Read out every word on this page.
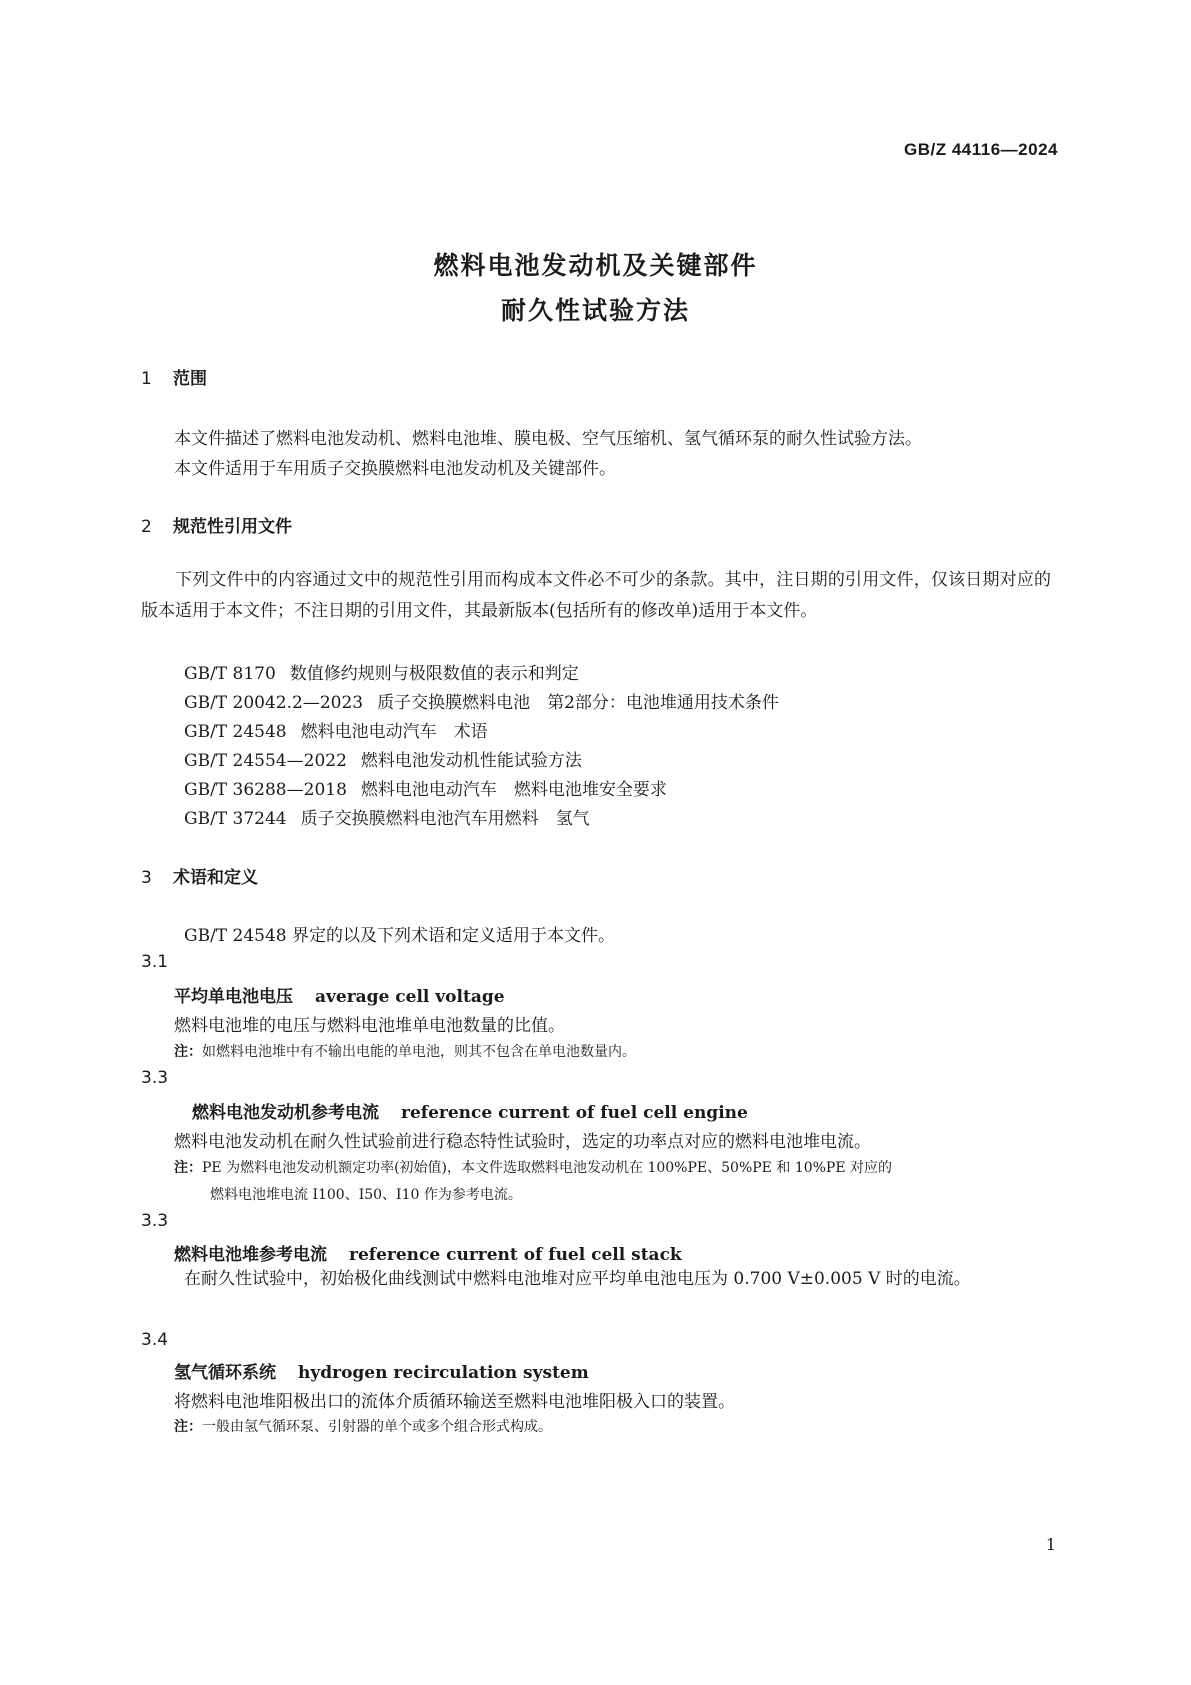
GB/Z 44116—2024
燃料电池发动机及关键部件
耐久性试验方法
1 范围
本文件描述了燃料电池发动机、燃料电池堆、膜电极、空气压缩机、氢气循环泵的耐久性试验方法。
本文件适用于车用质子交换膜燃料电池发动机及关键部件。
2 规范性引用文件
下列文件中的内容通过文中的规范性引用而构成本文件必不可少的条款。其中，注日期的引用文件，仅该日期对应的版本适用于本文件；不注日期的引用文件，其最新版本(包括所有的修改单)适用于本文件。
GB/T 8170 数值修约规则与极限数值的表示和判定
GB/T 20042.2—2023 质子交换膜燃料电池　第2部分：电池堆通用技术条件
GB/T 24548 燃料电池电动汽车　术语
GB/T 24554—2022 燃料电池发动机性能试验方法
GB/T 36288—2018 燃料电池电动汽车　燃料电池堆安全要求
GB/T 37244 质子交换膜燃料电池汽车用燃料　氢气
3 术语和定义
GB/T 24548 界定的以及下列术语和定义适用于本文件。
3.1
平均单电池电压 average cell voltage
燃料电池堆的电压与燃料电池堆单电池数量的比值。
注：如燃料电池堆中有不输出电能的单电池，则其不包含在单电池数量内。
3.3
燃料电池发动机参考电流 reference current of fuel cell engine
燃料电池发动机在耐久性试验前进行稳态特性试验时，选定的功率点对应的燃料电池堆电流。
注：PE 为燃料电池发动机额定功率(初始值)，本文件选取燃料电池发动机在 100%PE、50%PE 和 10%PE 对应的
燃料电池堆电流 I100、I50、I10 作为参考电流。
3.3
燃料电池堆参考电流 reference current of fuel cell stack
在耐久性试验中，初始极化曲线测试中燃料电池堆对应平均单电池电压为 0.700 V±0.005 V 时的电流。
3.4
氢气循环系统 hydrogen recirculation system
将燃料电池堆阳极出口的流体介质循环输送至燃料电池堆阳极入口的装置。
注：一般由氢气循环泵、引射器的单个或多个组合形式构成。
1
